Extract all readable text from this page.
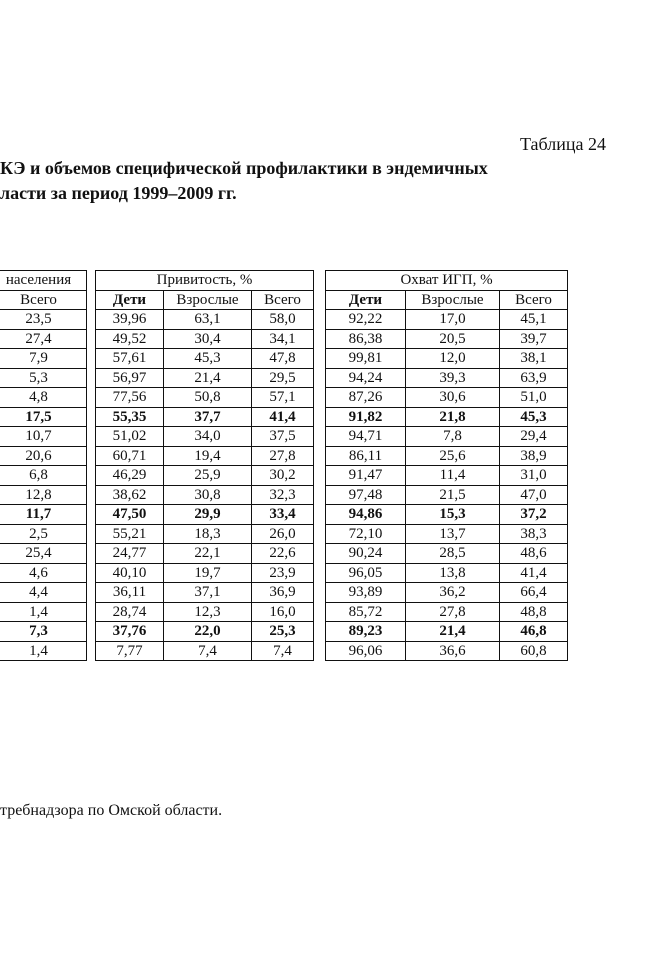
Таблица 24
КЭ и объемов специфической профилактики в эндемичных
ласти за период 1999–2009 гг.
населения		Привитость, %				Охват ИГП, %		
Всего		Дети	Взрослые	Всего		Дети	Взрослые	Всего
23,5		39,96	63,1	58,0		92,22	17,0	45,1
27,4		49,52	30,4	34,1		86,38	20,5	39,7
7,9		57,61	45,3	47,8		99,81	12,0	38,1
5,3		56,97	21,4	29,5		94,24	39,3	63,9
4,8		77,56	50,8	57,1		87,26	30,6	51,0
17,5		55,35	37,7	41,4		91,82	21,8	45,3
10,7		51,02	34,0	37,5		94,71	7,8	29,4
20,6		60,71	19,4	27,8		86,11	25,6	38,9
6,8		46,29	25,9	30,2		91,47	11,4	31,0
12,8		38,62	30,8	32,3		97,48	21,5	47,0
11,7		47,50	29,9	33,4		94,86	15,3	37,2
2,5		55,21	18,3	26,0		72,10	13,7	38,3
25,4		24,77	22,1	22,6		90,24	28,5	48,6
4,6		40,10	19,7	23,9		96,05	13,8	41,4
4,4		36,11	37,1	36,9		93,89	36,2	66,4
1,4		28,74	12,3	16,0		85,72	27,8	48,8
7,3		37,76	22,0	25,3		89,23	21,4	46,8
1,4		7,77	7,4	7,4		96,06	36,6	60,8
требнадзора по Омской области.
